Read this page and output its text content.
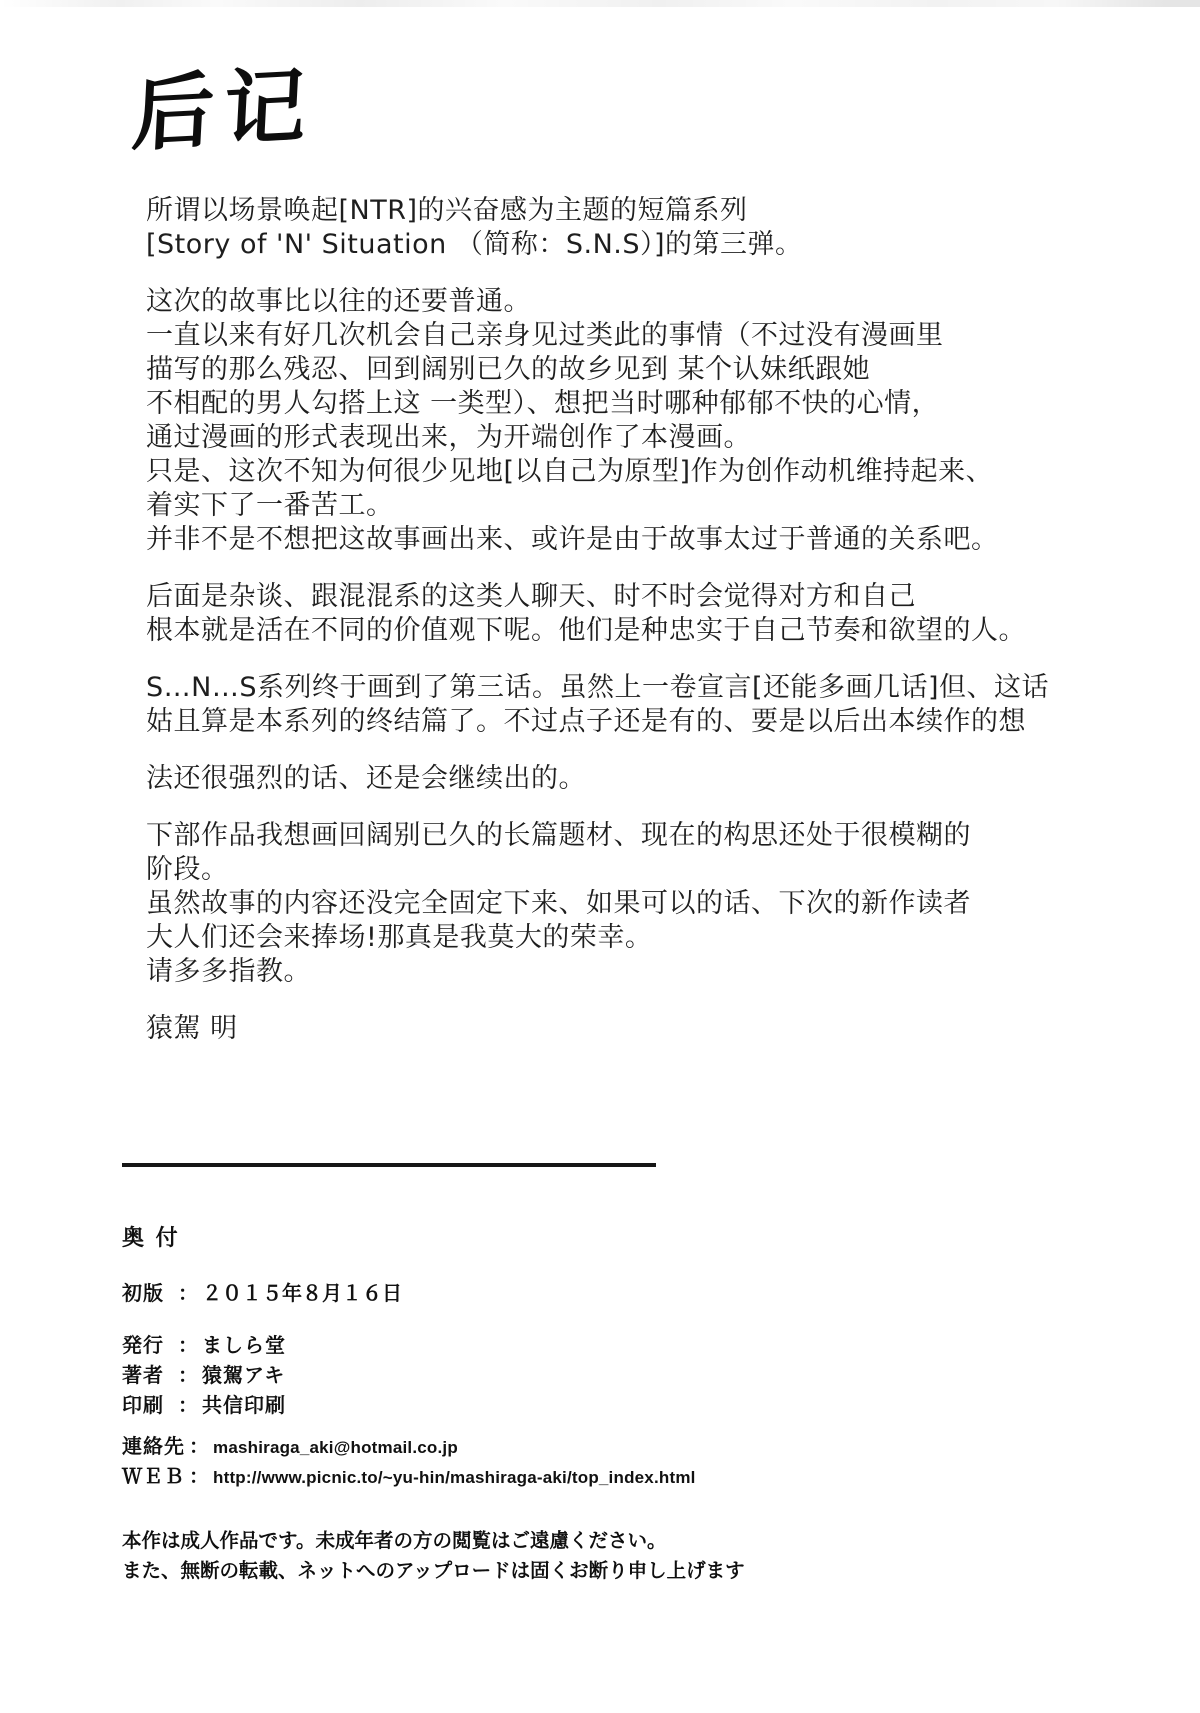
后记
所谓以场景唤起[NTR]的兴奋感为主题的短篇系列
[Story of 'N' Situation （简称：S.N.S）]的第三弹。
这次的故事比以往的还要普通。
一直以来有好几次机会自己亲身见过类此的事情（不过没有漫画里
描写的那么残忍、回到阔别已久的故乡见到 某个认妹纸跟她
不相配的男人勾搭上这 一类型）、想把当时哪种郁郁不快的心情，
通过漫画的形式表现出来，为开端创作了本漫画。
只是、这次不知为何很少见地[以自己为原型]作为创作动机维持起来、
着实下了一番苦工。
并非不是不想把这故事画出来、或许是由于故事太过于普通的关系吧。
后面是杂谈、跟混混系的这类人聊天、时不时会觉得对方和自己
根本就是活在不同的价值观下呢。他们是种忠实于自己节奏和欲望的人。
S…N…S系列终于画到了第三话。虽然上一卷宣言[还能多画几话]但、这话
姑且算是本系列的终结篇了。不过点子还是有的、要是以后出本续作的想
法还很强烈的话、还是会继续出的。
下部作品我想画回阔别已久的长篇题材、现在的构思还处于很模糊的
阶段。
虽然故事的内容还没完全固定下来、如果可以的话、下次的新作读者
大人们还会来捧场!那真是我莫大的荣幸。
请多多指教。
猿駕 明
奥 付
初版 ： ２０１５年８月１６日
発行 ： ましら堂
著者 ： 猿駕アキ
印刷 ： 共信印刷
連絡先 ： mashiraga_aki@hotmail.co.jp
ＷＥＢ ： http://www.picnic.to/~yu-hin/mashiraga-aki/top_index.html
本作は成人作品です。未成年者の方の閲覧はご遠慮ください。
また、無断の転載、ネットへのアップロードは固くお断り申し上げます
